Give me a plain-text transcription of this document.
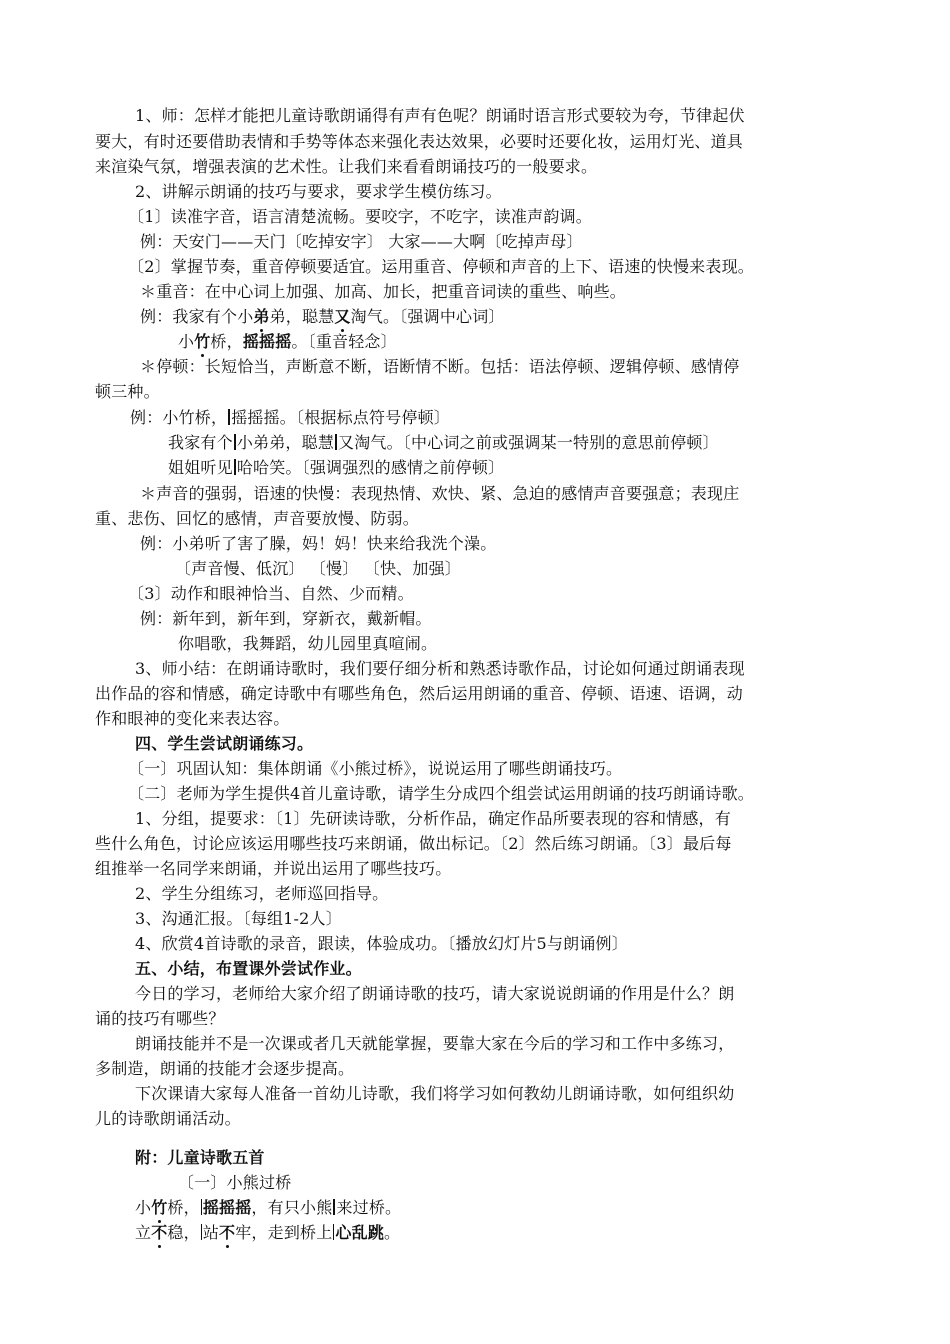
1、师：怎样才能把儿童诗歌朗诵得有声有色呢？朗诵时语言形式要较为夸，节律起伏
要大，有时还要借助表情和手势等体态来强化表达效果，必要时还要化妆，运用灯光、道具
来渲染气氛，增强表演的艺术性。让我们来看看朗诵技巧的一般要求。
2、讲解示朗诵的技巧与要求，要求学生模仿练习。
〔1〕读准字音，语言清楚流畅。要咬字，不吃字，读准声韵调。
例：天安门——天门〔吃掉安字〕 大家——大啊〔吃掉声母〕
〔2〕掌握节奏，重音停顿要适宜。运用重音、停顿和声音的上下、语速的快慢来表现。
＊重音：在中心词上加强、加高、加长，把重音词读的重些、响些。
例：我家有个小弟弟，聪慧又淘气。〔强调中心词〕
小竹桥，摇摇摇。〔重音轻念〕
＊停顿：长短恰当，声断意不断，语断情不断。包括：语法停顿、逻辑停顿、感情停
顿三种。
例：小竹桥， 摇摇摇。〔根据标点符号停顿〕
我家有个 小弟弟，聪慧 又淘气。〔中心词之前或强调某一特别的意思前停顿〕
姐姐听见 哈哈笑。〔强调强烈的感情之前停顿〕
＊声音的强弱，语速的快慢：表现热情、欢快、紧、急迫的感情声音要强意；表现庄
重、悲伤、回忆的感情，声音要放慢、防弱。
例：小弟听了害了臊，妈！妈！快来给我洗个澡。
〔声音慢、低沉〕 〔慢〕 〔快、加强〕
〔3〕动作和眼神恰当、自然、少而精。
例：新年到，新年到，穿新衣，戴新帽。
你唱歌，我舞蹈，幼儿园里真喧闹。
3、师小结：在朗诵诗歌时，我们要仔细分析和熟悉诗歌作品，讨论如何通过朗诵表现
出作品的容和情感，确定诗歌中有哪些角色，然后运用朗诵的重音、停顿、语速、语调，动
作和眼神的变化来表达容。
四、学生尝试朗诵练习。
〔一〕巩固认知：集体朗诵《小熊过桥》，说说运用了哪些朗诵技巧。
〔二〕老师为学生提供4首儿童诗歌，请学生分成四个组尝试运用朗诵的技巧朗诵诗歌。
1、分组，提要求：〔1〕先研读诗歌，分析作品，确定作品所要表现的容和情感，有
些什么角色，讨论应该运用哪些技巧来朗诵，做出标记。〔2〕然后练习朗诵。〔3〕最后每
组推举一名同学来朗诵，并说出运用了哪些技巧。
2、学生分组练习，老师巡回指导。
3、沟通汇报。〔每组1-2人〕
4、欣赏4首诗歌的录音，跟读，体验成功。〔播放幻灯片5与朗诵例〕
五、小结，布置课外尝试作业。
今日的学习，老师给大家介绍了朗诵诗歌的技巧，请大家说说朗诵的作用是什么？朗
诵的技巧有哪些？
朗诵技能并不是一次课或者几天就能掌握，要靠大家在今后的学习和工作中多练习，
多制造，朗诵的技能才会逐步提高。
下次课请大家每人准备一首幼儿诗歌，我们将学习如何教幼儿朗诵诗歌，如何组织幼
儿的诗歌朗诵活动。
附：儿童诗歌五首
〔一〕小熊过桥
小竹桥， 摇摇摇，有只小熊 来过桥。
立不稳， 站不牢，走到桥上 心乱跳。
